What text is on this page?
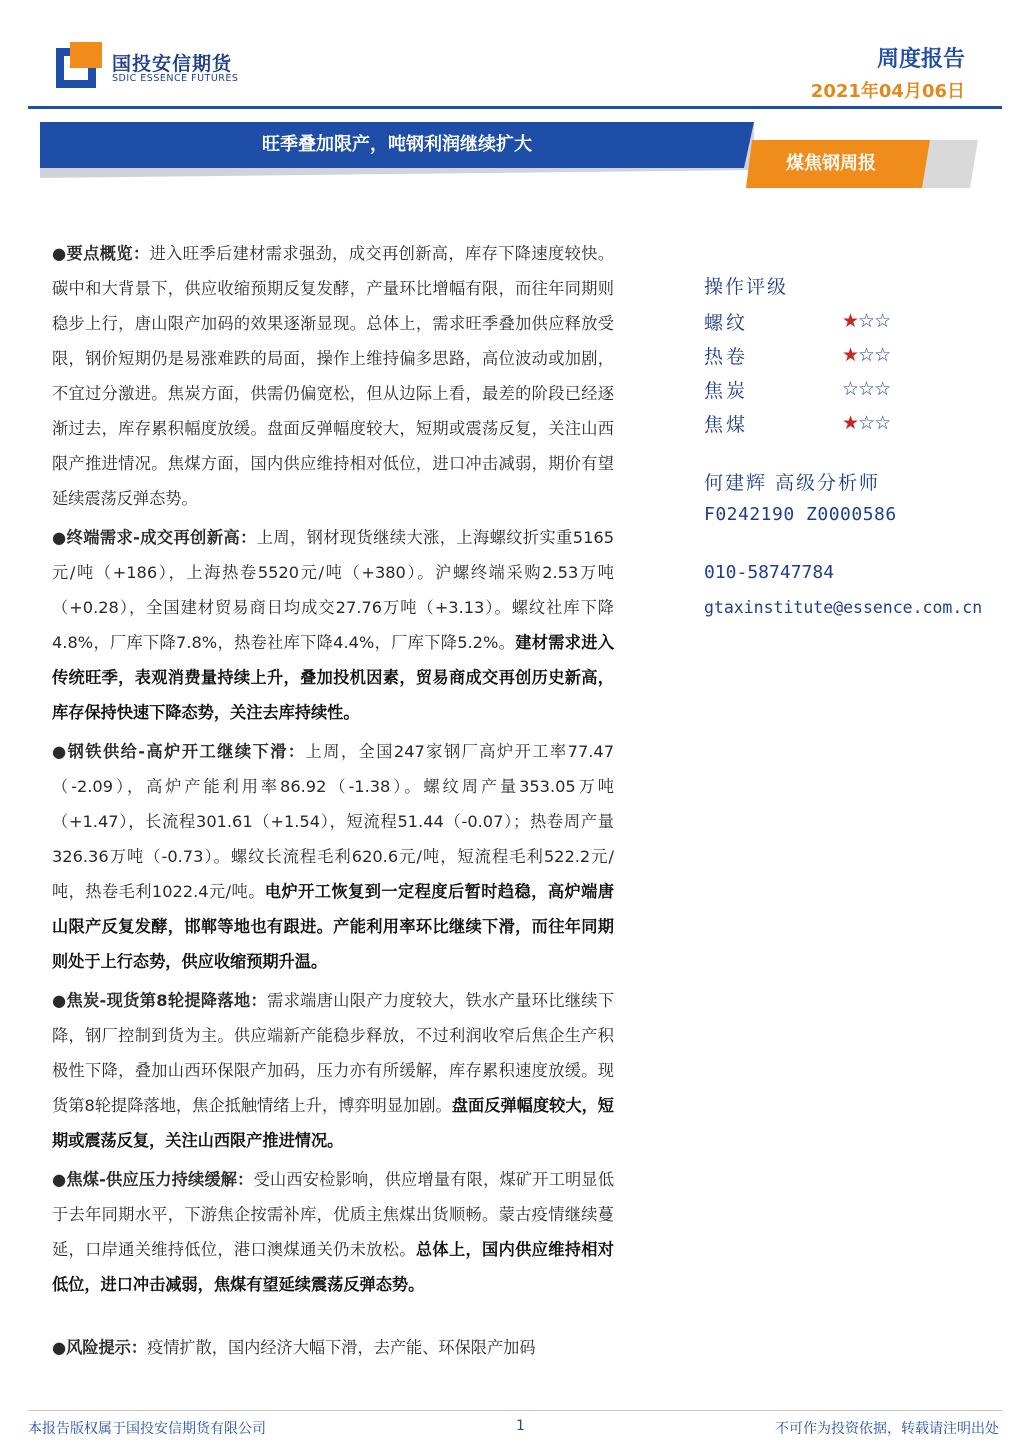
国投安信期货
SDIC ESSENCE FUTURES
周度报告
2021年04月06日
旺季叠加限产，吨钢利润继续扩大
煤焦钢周报

●要点概览：进入旺季后建材需求强劲，成交再创新高，库存下降速度较快。碳中和大背景下，供应收缩预期反复发酵，产量环比增幅有限，而往年同期则稳步上行，唐山限产加码的效果逐渐显现。总体上，需求旺季叠加供应释放受限，钢价短期仍是易涨难跌的局面，操作上维持偏多思路，高位波动或加剧，不宜过分激进。焦炭方面，供需仍偏宽松，但从边际上看，最差的阶段已经逐渐过去，库存累积幅度放缓。盘面反弹幅度较大，短期或震荡反复，关注山西限产推进情况。焦煤方面，国内供应维持相对低位，进口冲击减弱，期价有望延续震荡反弹态势。

●终端需求-成交再创新高：上周，钢材现货继续大涨，上海螺纹折实重5165元/吨（+186），上海热卷5520元/吨（+380）。沪螺终端采购2.53万吨（+0.28），全国建材贸易商日均成交27.76万吨（+3.13）。螺纹社库下降4.8%，厂库下降7.8%，热卷社库下降4.4%，厂库下降5.2%。建材需求进入传统旺季，表观消费量持续上升，叠加投机因素，贸易商成交再创历史新高，库存保持快速下降态势，关注去库持续性。

●钢铁供给-高炉开工继续下滑：上周，全国247家钢厂高炉开工率77.47（-2.09），高炉产能利用率86.92（-1.38）。螺纹周产量353.05万吨（+1.47），长流程301.61（+1.54），短流程51.44（-0.07）；热卷周产量326.36万吨（-0.73）。螺纹长流程毛利620.6元/吨，短流程毛利522.2元/吨，热卷毛利1022.4元/吨。电炉开工恢复到一定程度后暂时趋稳，高炉端唐山限产反复发酵，邯郸等地也有跟进。产能利用率环比继续下滑，而往年同期则处于上行态势，供应收缩预期升温。

●焦炭-现货第8轮提降落地：需求端唐山限产力度较大，铁水产量环比继续下降，钢厂控制到货为主。供应端新产能稳步释放，不过利润收窄后焦企生产积极性下降，叠加山西环保限产加码，压力亦有所缓解，库存累积速度放缓。现货第8轮提降落地，焦企抵触情绪上升，博弈明显加剧。盘面反弹幅度较大，短期或震荡反复，关注山西限产推进情况。

●焦煤-供应压力持续缓解：受山西安检影响，供应增量有限，煤矿开工明显低于去年同期水平，下游焦企按需补库，优质主焦煤出货顺畅。蒙古疫情继续蔓延，口岸通关维持低位，港口澳煤通关仍未放松。总体上，国内供应维持相对低位，进口冲击减弱，焦煤有望延续震荡反弹态势。

●风险提示：疫情扩散，国内经济大幅下滑，去产能、环保限产加码
操作评级
螺纹	★☆☆
热卷	★☆☆
焦炭	☆☆☆
焦煤	★☆☆
何建辉 高级分析师
F0242190 Z0000586
010-58747784
gtaxinstitute@essence.com.cn
本报告版权属于国投安信期货有限公司	1	不可作为投资依据，转载请注明出处
